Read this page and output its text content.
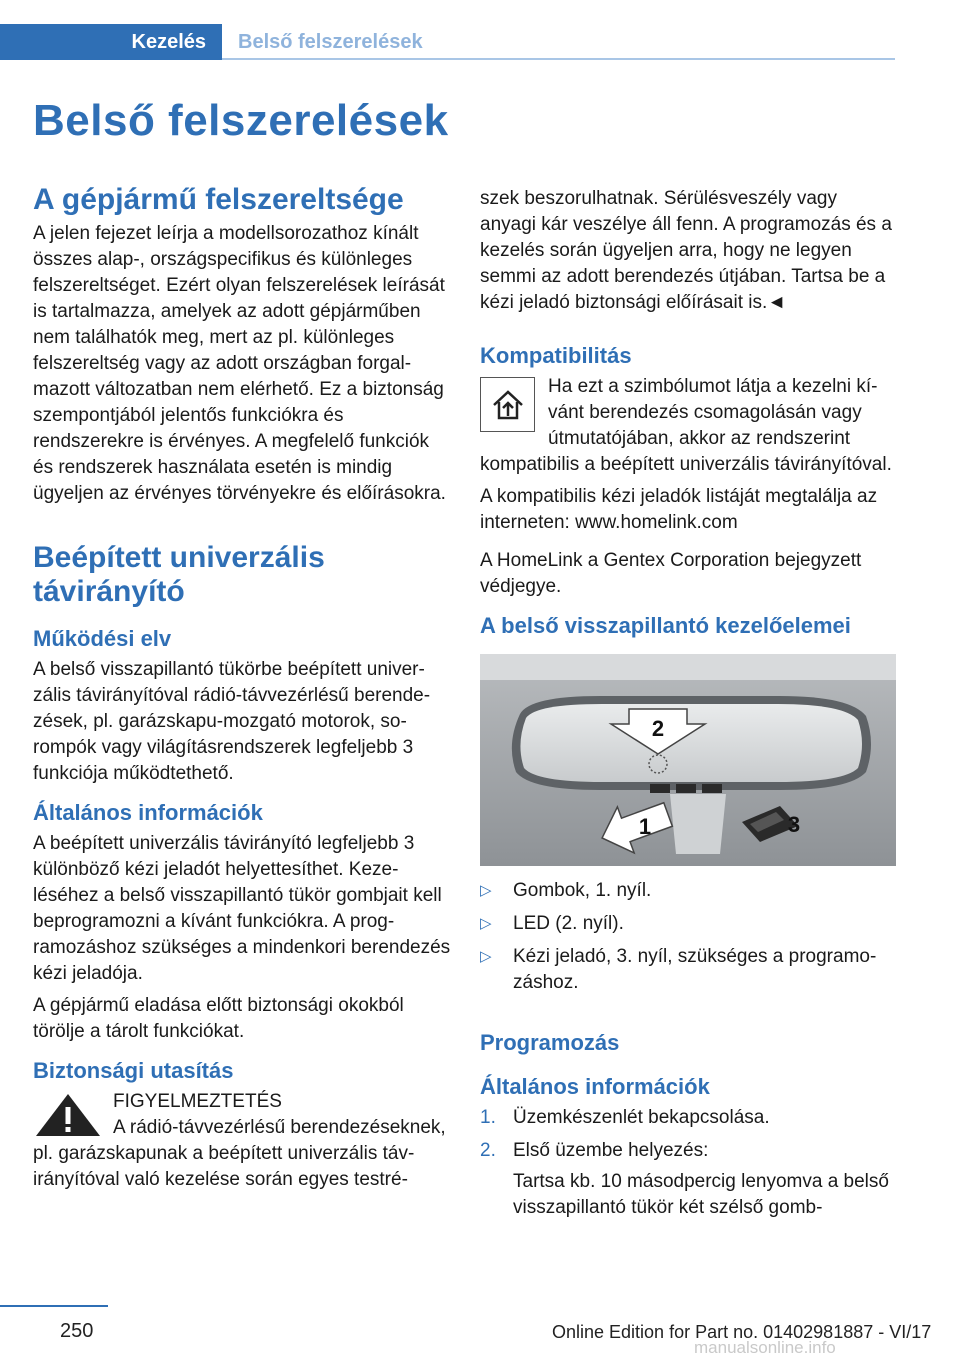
Kezelés Belső felszerelések
Belső felszerelések
A gépjármű felszereltsége

A jelen fejezet leírja a modellsorozathoz kínált összes alap-, országspecifikus és különleges felszereltséget. Ezért olyan felszerelések leírását is tartalmazza, amelyek az adott gépjárműben nem találhatók meg, mert az pl. különleges felszereltség vagy az adott országban forgalmazott változatban nem elérhető. Ez a biztonság szempontjából jelentős funkciókra és rendszerekre is érvényes. A megfelelő funkciók és rendszerek használata esetén is mindig ügyeljen az érvényes törvényekre és előírásokra.

Beépített univerzális távirányító
Működési elv

A belső visszapillantó tükörbe beépített univerzális távirányítóval rádió-távvezérlésű berendezések, pl. garázskapu-mozgató motorok, sorompók vagy világításrendszerek legfeljebb 3 funkciója működtethető.

Általános információk

A beépített univerzális távirányító legfeljebb 3 különböző kézi jeladót helyettesíthet. Kezeléséhez a belső visszapillantó tükör gombjait kell beprogramozni a kívánt funkciókra. A programozáshoz szükséges a mindenkori berendezés kézi jeladója.

A gépjármű eladása előtt biztonsági okokból törölje a tárolt funkciókat.

Biztonsági utasítás

FIGYELMEZTETÉS

A rádió-távvezérlésű berendezéseknek,

pl. garázskapunak a beépített univerzális távirányítóval való kezelése során egyes testré-

szek beszorulhatnak. Sérülésveszély vagy anyagi kár veszélye áll fenn. A programozás és a kezelés során ügyeljen arra, hogy ne legyen semmi az adott berendezés útjában. Tartsa be a kézi jeladó biztonsági előírásait is.◄

Kompatibilitás

Ha ezt a szimbólumot látja a kezelni kívánt berendezés csomagolásán vagy útmutatójában, akkor az rendszerint

kompatibilis a beépített univerzális távirányítóval.

A kompatibilis kézi jeladók listáját megtalálja az interneten: www.homelink.com

A HomeLink a Gentex Corporation bejegyzett védjegye.

A belső visszapillantó kezelőelemei
2
1	3
▷ Gombok, 1. nyíl.
▷ LED (2. nyíl).
▷ Kézi jeladó, 3. nyíl, szükséges a programozáshoz.
Programozás
Általános információk
1. Üzemkészenlét bekapcsolása.
2. Első üzembe helyezés:

Tartsa kb. 10 másodpercig lenyomva a belső visszapillantó tükör két szélső gomb-

250	Online Edition for Part no. 01402981887 - VI/17
manualsonline.info
